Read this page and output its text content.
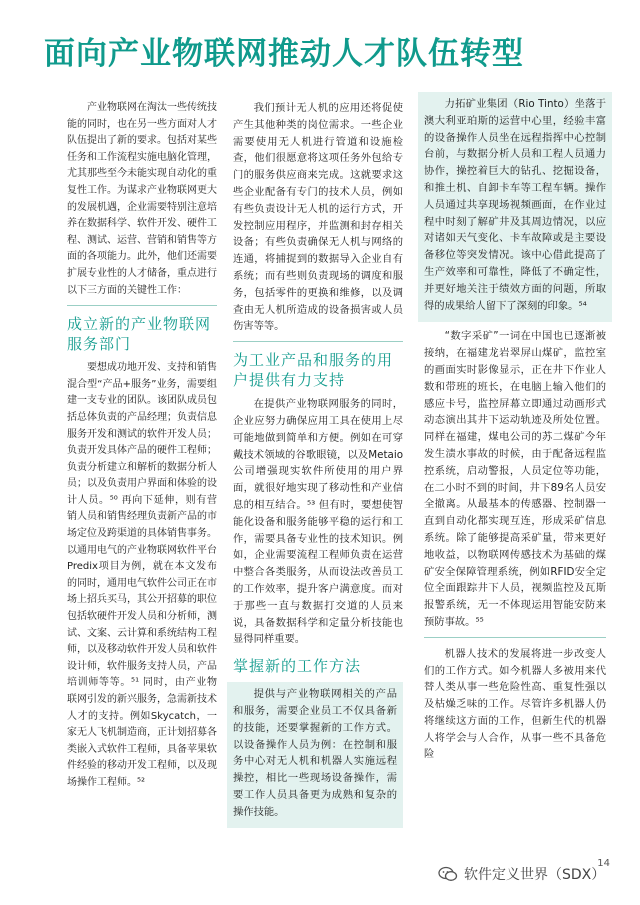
面向产业物联网推动人才队伍转型

产业物联网在淘汰一些传统技能的同时，也在另一些方面对人才队伍提出了新的要求。包括对某些任务和工作流程实施电脑化管理，尤其那些至今未能实现自动化的重复性工作。为谋求产业物联网更大的发展机遇，企业需要特别注意培养在数据科学、软件开发、硬件工程、测试、运营、营销和销售等方面的各项能力。此外，他们还需要扩展专业性的人才储备，重点进行以下三方面的关键性工作：

成立新的产业物联网服务部门

要想成功地开发、支持和销售混合型“产品+服务”业务，需要组建一支专业的团队。该团队成员包括总体负责的产品经理；负责信息服务开发和测试的软件开发人员；负责开发具体产品的硬件工程师；负责分析建立和解析的数据分析人员；以及负责用户界面和体验的设计人员。⁵⁰ 再向下延伸，则有营销人员和销售经理负责新产品的市场定位及跨渠道的具体销售事务。以通用电气的产业物联网软件平台Predix项目为例，就在本文发布的同时，通用电气软件公司正在市场上招兵买马，其公开招募的职位包括软硬件开发人员和分析师，测试、文案、云计算和系统结构工程师，以及移动软件开发人员和软件设计师，软件服务支持人员，产品培训师等等。⁵¹ 同时，由产业物联网引发的新兴服务，急需新技术人才的支持。例如Skycatch，一家无人飞机制造商，正计划招募各类嵌入式软件工程师，具备苹果软件经验的移动开发工程师，以及现场操作工程师。⁵²

我们预计无人机的应用还将促使产生其他种类的岗位需求。一些企业需要使用无人机进行管道和设施检查，他们很愿意将这项任务外包给专门的服务供应商来完成。这就要求这些企业配备有专门的技术人员，例如有些负责设计无人机的运行方式，开发控制应用程序，并监测和封存相关设备；有些负责确保无人机与网络的连通，将捕捉到的数据导入企业自有系统；而有些则负责现场的调度和服务，包括零件的更换和维修，以及调查由无人机所造成的设备损害或人员伤害等等。

为工业产品和服务的用户提供有力支持

在提供产业物联网服务的同时，企业应努力确保应用工具在使用上尽可能地做到简单和方便。例如在可穿戴技术领域的谷歌眼镜，以及Metaio公司增强现实软件所使用的用户界面，就很好地实现了移动性和产业信息的相互结合。⁵³ 但有时，要想使智能化设备和服务能够平稳的运行和工作，需要具备专业性的技术知识。例如，企业需要流程工程师负责在运营中整合各类服务，从而设法改善员工的工作效率，提升客户满意度。而对于那些一直与数据打交道的人员来说，具备数据科学和定量分析技能也显得同样重要。

掌握新的工作方法

提供与产业物联网相关的产品和服务，需要企业员工不仅具备新的技能，还要掌握新的工作方式。以设备操作人员为例：在控制和服务中心对无人机和机器人实施远程操控，相比一些现场设备操作，需要工作人员具备更为成熟和复杂的操作技能。

力拓矿业集团（Rio Tinto）坐落于澳大利亚珀斯的运营中心里，经验丰富的设备操作人员坐在远程指挥中心控制台前，与数据分析人员和工程人员通力协作，操控着巨大的钻孔、挖掘设备，和推土机、自卸卡车等工程车辆。操作人员通过共享现场视频画面，在作业过程中时刻了解矿井及其周边情况，以应对诸如天气变化、卡车故障或是主要设备移位等突发情况。该中心借此提高了生产效率和可靠性，降低了不确定性，并更好地关注于绩效方面的问题，所取得的成果给人留下了深刻的印象。⁵⁴

“数字采矿”一词在中国也已逐渐被接纳，在福建龙岩翠屏山煤矿，监控室的画面实时影像显示，正在井下作业人数和带班的班长，在电脑上输入他们的感应卡号，监控屏幕立即通过动画形式动态演出其井下运动轨迹及所处位置。同样在福建，煤电公司的苏二煤矿今年发生渍水事故的时候，由于配备远程监控系统，启动警报，人员定位等功能，在二小时不到的时间，井下89名人员安全撤离。从最基本的传感器、控制器一直到自动化都实现互连，形成采矿信息系统。除了能够提高采矿量，带来更好地收益，以物联网传感技术为基础的煤矿安全保障管理系统，例如RFID安全定位全面跟踪井下人员，视频监控及瓦斯报警系统，无一不体现运用智能安防来预防事故。⁵⁵

机器人技术的发展将进一步改变人们的工作方式。如今机器人多被用来代替人类从事一些危险性高、重复性强以及枯燥乏味的工作。尽管许多机器人仍将继续这方面的工作，但新生代的机器人将学会与人合作，从事一些不具备危险

14
软件定义世界（SDX）
